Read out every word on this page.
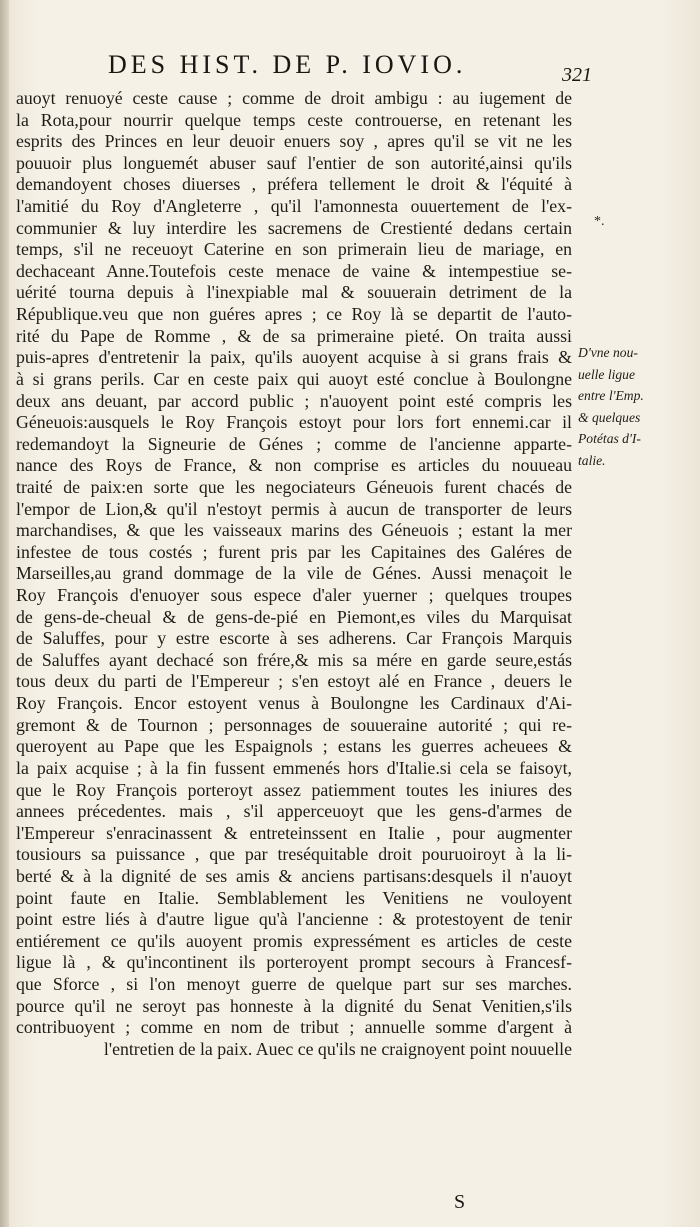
DES HIST. DE P. IOVIO.	321
auoyt renuoyé ceste cause ; comme de droit ambigu : au iugement de
la Rota,pour nourrir quelque temps ceste controuerse, en retenant les
esprits des Princes en leur deuoir enuers soy , apres qu'il se vit ne les
pouuoir plus longuemét abuser sauf l'entier de son autorité,ainsi qu'ils
demandoyent choses diuerses , préfera tellement le droit & l'équité à
l'amitié du Roy d'Angleterre , qu'il l'amonnesta ouuertement de l'ex-
communier & luy interdire les sacremens de Crestienté dedans certain
temps, s'il ne receuoyt Caterine en son primerain lieu de mariage, en
dechaceant Anne.Toutefois ceste menace de vaine & intempestiue se-
uérité tourna depuis à l'inexpiable mal & souuerain detriment de la
République.veu que non guéres apres ; ce Roy là se departit de l'auto-
rité du Pape de Romme , & de sa primeraine pieté. On traita aussi
puis-apres d'entretenir la paix, qu'ils auoyent acquise à si grans frais &
à si grans perils. Car en ceste paix qui auoyt esté conclue à Boulongne
deux ans deuant, par accord public ; n'auoyent point esté compris les
Géneuois:ausquels le Roy François estoyt pour lors fort ennemi.car il
redemandoyt la Signeurie de Génes ; comme de l'ancienne apparte-
nance des Roys de France, & non comprise es articles du nouueau
traité de paix:en sorte que les negociateurs Géneuois furent chacés de
l'empor de Lion,& qu'il n'estoyt permis à aucun de transporter de leurs
marchandises, & que les vaisseaux marins des Géneuois ; estant la mer
infestee de tous costés ; furent pris par les Capitaines des Galéres de
Marseilles,au grand dommage de la vile de Génes. Aussi menaçoit le
Roy François d'enuoyer sous espece d'aler yuerner ; quelques troupes
de gens-de-cheual & de gens-de-pié en Piemont,es viles du Marquisat
de Saluffes, pour y estre escorte à ses adherens. Car François Marquis
de Saluffes ayant dechacé son frére,& mis sa mére en garde seure,estás
tous deux du parti de l'Empereur ; s'en estoyt alé en France , deuers le
Roy François. Encor estoyent venus à Boulongne les Cardinaux d'Ai-
gremont & de Tournon ; personnages de souueraine autorité ; qui re-
queroyent au Pape que les Espaignols ; estans les guerres acheuees &
la paix acquise ; à la fin fussent emmenés hors d'Italie.si cela se faisoyt,
que le Roy François porteroyt assez patiemment toutes les iniures des
annees précedentes. mais , s'il apperceuoyt que les gens-d'armes de
l'Empereur s'enracinassent & entreteinssent en Italie , pour augmenter
tousiours sa puissance , que par treséquitable droit pouruoiroyt à la li-
berté & à la dignité de ses amis & anciens partisans:desquels il n'auoyt
point faute en Italie. Semblablement les Venitiens ne vouloyent
point estre liés à d'autre ligue qu'à l'ancienne : & protestoyent de tenir
entiérement ce qu'ils auoyent promis expressément es articles de ceste
ligue là , & qu'incontinent ils porteroyent prompt secours à Francesf-
que Sforce , si l'on menoyt guerre de quelque part sur ses marches.
pource qu'il ne seroyt pas honneste à la dignité du Senat Venitien,s'ils
contribuoyent ; comme en nom de tribut ; annuelle somme d'argent à
l'entretien de la paix. Auec ce qu'ils ne craignoyent point nouuelle
*.
D'vne nou-
uelle ligue
entre l'Emp.
& quelques
Potétas d'I-
talie.
S
